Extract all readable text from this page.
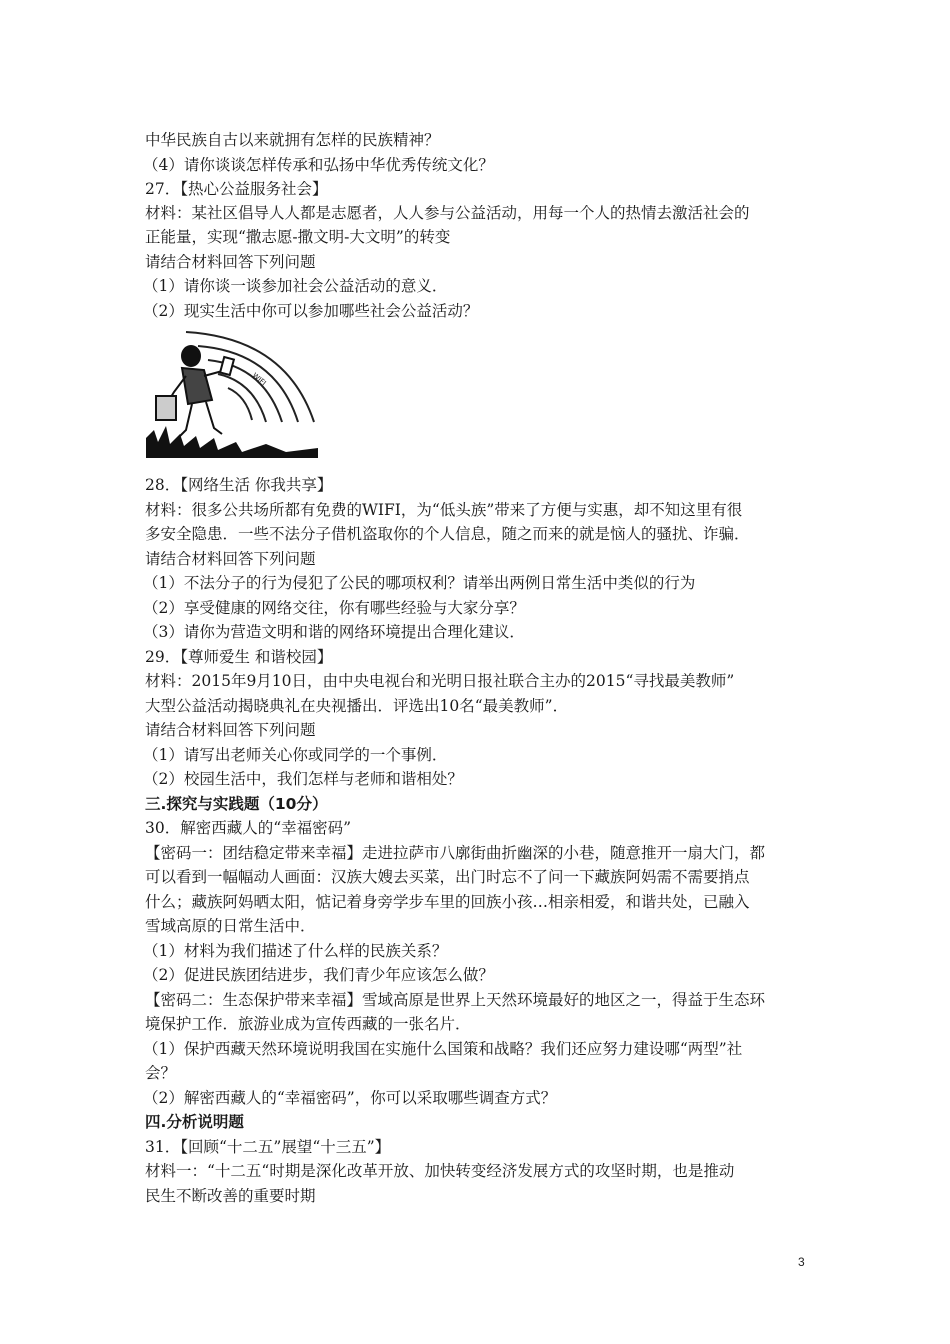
中华民族自古以来就拥有怎样的民族精神？
（4）请你谈谈怎样传承和弘扬中华优秀传统文化？
27．【热心公益服务社会】
材料：某社区倡导人人都是志愿者，人人参与公益活动，用每一个人的热情去激活社会的
正能量，实现“撒志愿-撒文明-大文明”的转变
请结合材料回答下列问题
（1）请你谈一谈参加社会公益活动的意义．
（2）现实生活中你可以参加哪些社会公益活动？
WIFI
28．【网络生活 你我共享】
材料：很多公共场所都有免费的WIFI，为“低头族”带来了方便与实惠，却不知这里有很
多安全隐患．一些不法分子借机盗取你的个人信息，随之而来的就是恼人的骚扰、诈骗．
请结合材料回答下列问题
（1）不法分子的行为侵犯了公民的哪项权利？请举出两例日常生活中类似的行为
（2）享受健康的网络交往，你有哪些经验与大家分享？
（3）请你为营造文明和谐的网络环境提出合理化建议．
29．【尊师爱生 和谐校园】
材料：2015年9月10日，由中央电视台和光明日报社联合主办的2015“寻找最美教师”
大型公益活动揭晓典礼在央视播出．评选出10名“最美教师”．
请结合材料回答下列问题
（1）请写出老师关心你或同学的一个事例．
（2）校园生活中，我们怎样与老师和谐相处？
三.探究与实践题（10分）
30．解密西藏人的“幸福密码”
【密码一：团结稳定带来幸福】走进拉萨市八廓街曲折幽深的小巷，随意推开一扇大门，都
可以看到一幅幅动人画面：汉族大嫂去买菜，出门时忘不了问一下藏族阿妈需不需要捎点
什么；藏族阿妈晒太阳，惦记着身旁学步车里的回族小孩…相亲相爱，和谐共处，已融入
雪域高原的日常生活中．
（1）材料为我们描述了什么样的民族关系？
（2）促进民族团结进步，我们青少年应该怎么做？
【密码二：生态保护带来幸福】雪域高原是世界上天然环境最好的地区之一，得益于生态环
境保护工作．旅游业成为宣传西藏的一张名片．
（1）保护西藏天然环境说明我国在实施什么国策和战略？我们还应努力建设哪“两型”社
会？
（2）解密西藏人的“幸福密码”，你可以采取哪些调查方式？
四.分析说明题
31．【回顾“十二五”展望“十三五”】
材料一：“十二五“时期是深化改革开放、加快转变经济发展方式的攻坚时期，也是推动
民生不断改善的重要时期
3
